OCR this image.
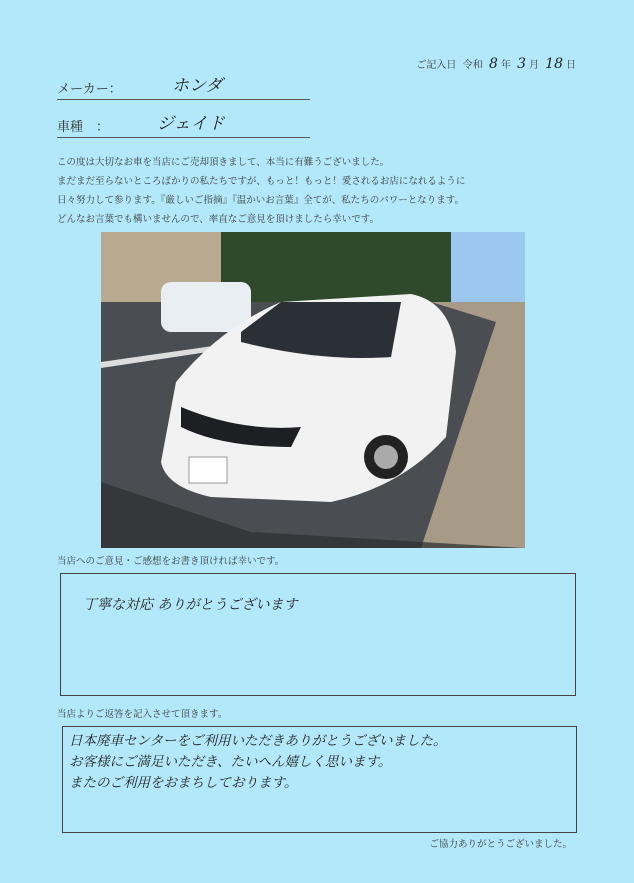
ご記入日 令和 8 年 3 月 18 日
メーカー：	ホンダ
車種　：	ジェイド
この度は大切なお車を当店にご売却頂きまして、本当に有難うございました。
まだまだ至らないところばかりの私たちですが、もっと！もっと！愛されるお店になれるように
日々努力して参ります。『厳しいご指摘』『温かいお言葉』全てが、私たちのパワーとなります。
どんなお言葉でも構いませんので、率直なご意見を頂けましたら幸いです。
当店へのご意見・ご感想をお書き頂ければ幸いです。
丁寧な対応 ありがとうございます
当店よりご返答を記入させて頂きます。
日本廃車センターをご利用いただきありがとうございました。
お客様にご満足いただき、たいへん嬉しく思います。
またのご利用をおまちしております。
ご協力ありがとうございました。
